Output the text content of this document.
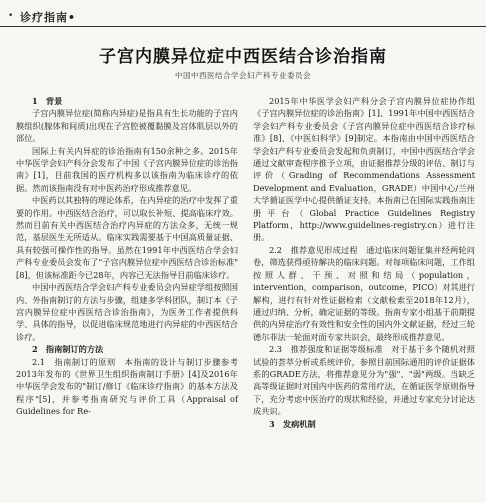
• 诊疗指南•
子宫内膜异位症中西医结合诊治指南
中国中西医结合学会妇产科专业委员会

1　背景

子宫内膜异位症(简称内异症)是指具有生长功能的子宫内膜组织(腺体和间质)出现在子宫腔被覆黏膜及宫体肌层以外的部位。

国际上有关内异症的诊治指南有150余种之多。2015年中华医学会妇产科分会发布了中国《子宫内膜异位症的诊治指南》[1]，目前我国的医疗机构多以该指南为临床诊疗的依据。然而该指南没有对中医药治疗形成推荐意见。

中医药以其独特的理论体系，在内异症的治疗中发挥了重要的作用。中西医结合治疗，可以取长补短、提高临床疗效。然而目前有关中西医结合治疗内异症的方法众多，无统一规范，基层医生无所适从。临床实践需要基于中国高质量证据、具有较强可操作性的指导。虽然在1991年中西医结合学会妇产科专业委员会发布了"子宫内膜异位症中西医结合诊治标准"[8]，但该标准距今已28年，内容已无法指导目前临床诊疗。

中国中西医结合学会妇产科专业委员会内异症学组按照国内、外指南制订的方法与步骤，组建多学科团队，制订本《子宫内膜异位症中西医结合诊治指南》，为医务工作者提供科学、具体的指导，以促进临床规范地进行内异症的中西医结合诊疗。

2　指南制订的方法

2.1　指南制订的原则　本指南的设计与制订步骤参考2013年发布的《世界卫生组织指南制订手册》[4]及2016年中华医学会发布的"制订/修订《临床诊疗指南》的基本方法及程序"[5]，并参考指南研究与评价工具（Appraisal of Guidelines for Re-

2015年中华医学会妇产科分会子宫内膜异位症协作组《子宫内膜异位症的诊治指南》[1]、1991年中国中西医结合学会妇产科专业委员会《子宫内膜异位症中西医结合诊疗标准》[8]、《中医妇科学》[9]制定。本指南由中国中西医结合学会妇产科专业委员会发起和负责制订，中国中西医结合学会通过文献审查程序推予立项，由证据推荐分级的评估、制订与评价（Grading of Recommendations Assessment Development and Evaluation，GRADE）中国中心/兰州大学循证医学中心提供循证支持。本指南已在国际实践指南注册平台（Global Practice Guidelines Registry Platform，http://www.guidelines-registry.cn）进行注册。

2.2　推荐意见形成过程　通过临床问题征集并经两轮问卷，筛选获得亟待解决的临床问题。对每项临床问题，工作组按照人群、干预、对照和结局（population，intervention，comparison，outcome，PICO）对其进行解构，进行有针对性证据检索（文献检索至2018年12月），通过归纳、分析，确定证据的等级。指南专家小组基于前期提供的内异症治疗有效性和安全性的国内外文献证据，经过三轮德尔菲法一轮面对面专家共识会，最终形成推荐意见。

2.3　推荐强度和证据等级标准　对于基于多个随机对照试验的荟萃分析或系统评价，参照目前国际通用的评价证据体系的GRADE方法，将推荐意见分为"强"、"弱"两级。当缺乏高等级证据时对国内中医药的常用疗法，在循证医学原则指导下，充分考虑中医治疗的现状和经验，并通过专家充分讨论达成共识。

3　发病机制
